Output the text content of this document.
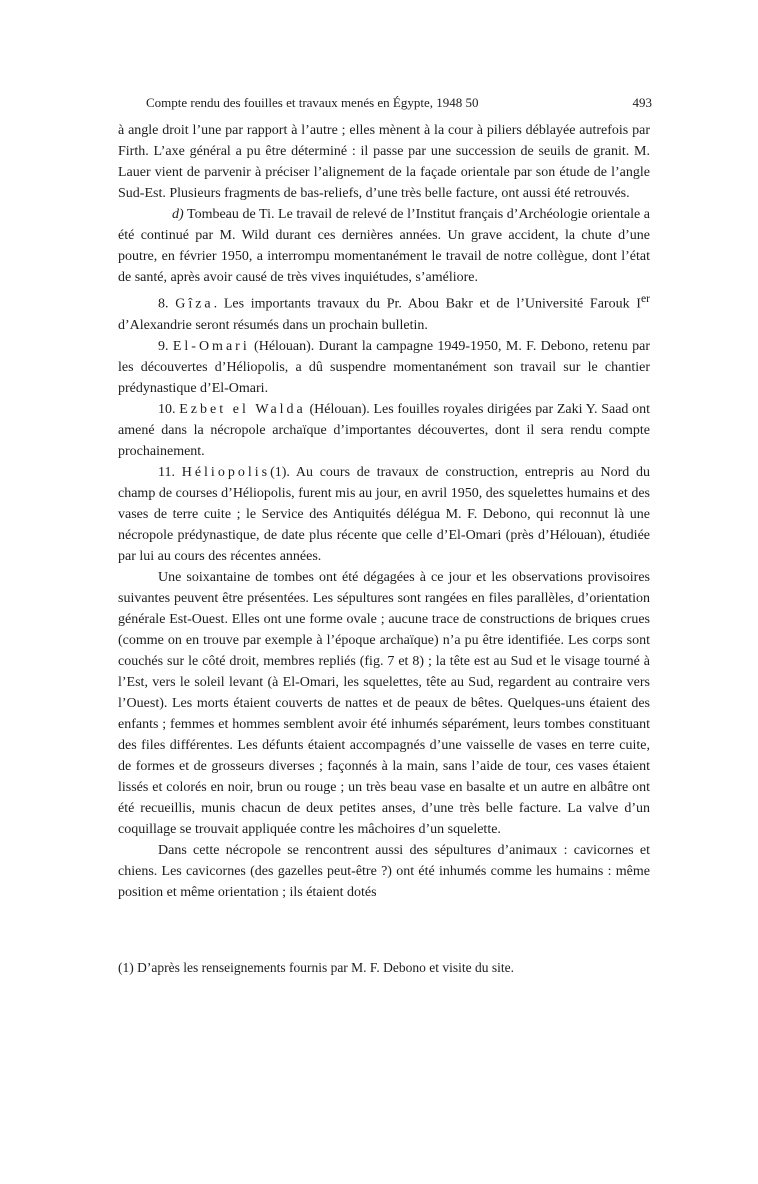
Compte rendu des fouilles et travaux menés en Égypte, 1948 50	493

à angle droit l’une par rapport à l’autre ; elles mènent à la cour à piliers déblayée autrefois par Firth. L’axe général a pu être déterminé : il passe par une succession de seuils de granit. M. Lauer vient de parvenir à préciser l’alignement de la façade orientale par son étude de l’angle Sud-Est. Plusieurs fragments de bas-reliefs, d’une très belle facture, ont aussi été retrouvés.

d) Tombeau de Ti. Le travail de relevé de l’Institut français d’Archéologie orientale a été continué par M. Wild durant ces dernières années. Un grave accident, la chute d’une poutre, en février 1950, a interrompu momentanément le travail de notre collègue, dont l’état de santé, après avoir causé de très vives inquiétudes, s’améliore.

8. Gîza. Les importants travaux du Pr. Abou Bakr et de l’Université Farouk Ier d’Alexandrie seront résumés dans un prochain bulletin.

9. El-Omari (Hélouan). Durant la campagne 1949-1950, M. F. Debono, retenu par les découvertes d’Héliopolis, a dû suspendre momentanément son travail sur le chantier prédynastique d’El-Omari.

10. Ezbet el Walda (Hélouan). Les fouilles royales dirigées par Zaki Y. Saad ont amené dans la nécropole archaïque d’importantes découvertes, dont il sera rendu compte prochainement.

11. Héliopolis(1). Au cours de travaux de construction, entrepris au Nord du champ de courses d’Héliopolis, furent mis au jour, en avril 1950, des squelettes humains et des vases de terre cuite ; le Service des Antiquités délégua M. F. Debono, qui reconnut là une nécropole prédynastique, de date plus récente que celle d’El-Omari (près d’Hélouan), étudiée par lui au cours des récentes années.

Une soixantaine de tombes ont été dégagées à ce jour et les observations provisoires suivantes peuvent être présentées. Les sépultures sont rangées en files parallèles, d’orientation générale Est-Ouest. Elles ont une forme ovale ; aucune trace de constructions de briques crues (comme on en trouve par exemple à l’époque archaïque) n’a pu être identifiée. Les corps sont couchés sur le côté droit, membres repliés (fig. 7 et 8) ; la tête est au Sud et le visage tourné à l’Est, vers le soleil levant (à El-Omari, les squelettes, tête au Sud, regardent au contraire vers l’Ouest). Les morts étaient couverts de nattes et de peaux de bêtes. Quelques-uns étaient des enfants ; femmes et hommes semblent avoir été inhumés séparément, leurs tombes constituant des files différentes. Les défunts étaient accompagnés d’une vaisselle de vases en terre cuite, de formes et de grosseurs diverses ; façonnés à la main, sans l’aide de tour, ces vases étaient lissés et colorés en noir, brun ou rouge ; un très beau vase en basalte et un autre en albâtre ont été recueillis, munis chacun de deux petites anses, d’une très belle facture. La valve d’un coquillage se trouvait appliquée contre les mâchoires d’un squelette.

Dans cette nécropole se rencontrent aussi des sépultures d’animaux : cavicornes et chiens. Les cavicornes (des gazelles peut-être ?) ont été inhumés comme les humains : même position et même orientation ; ils étaient dotés

(1) D’après les renseignements fournis par M. F. Debono et visite du site.
